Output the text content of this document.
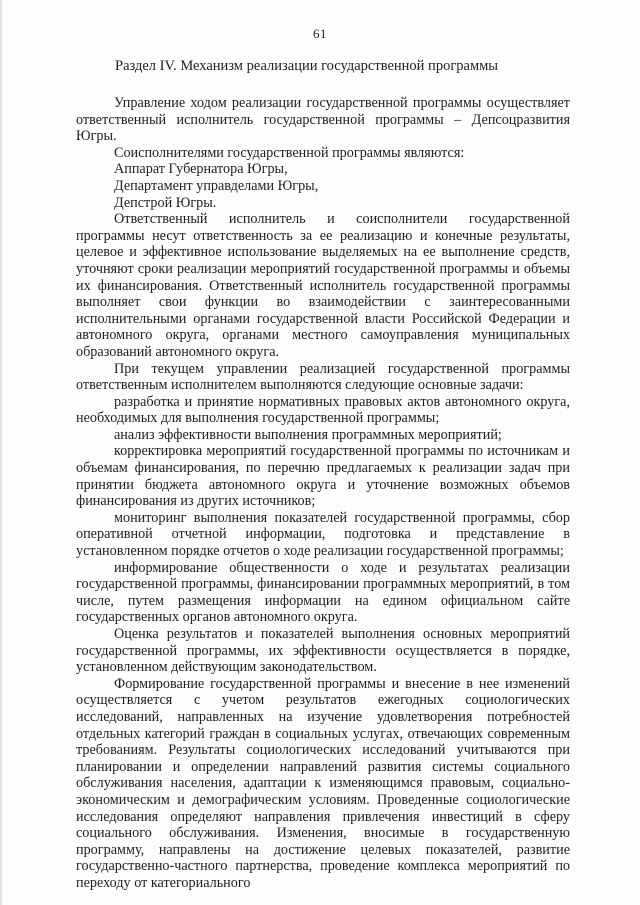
61
Раздел IV. Механизм реализации государственной программы

Управление ходом реализации государственной программы осуществляет ответственный исполнитель государственной программы – Депсоцразвития Югры.

Соисполнителями государственной программы являются:

Аппарат Губернатора Югры,

Департамент управделами Югры,

Депстрой Югры.

Ответственный исполнитель и соисполнители государственной программы несут ответственность за ее реализацию и конечные результаты, целевое и эффективное использование выделяемых на ее выполнение средств, уточняют сроки реализации мероприятий государственной программы и объемы их финансирования. Ответственный исполнитель государственной программы выполняет свои функции во взаимодействии с заинтересованными исполнительными органами государственной власти Российской Федерации и автономного округа, органами местного самоуправления муниципальных образований автономного округа.

При текущем управлении реализацией государственной программы ответственным исполнителем выполняются следующие основные задачи:

разработка и принятие нормативных правовых актов автономного округа, необходимых для выполнения государственной программы;

анализ эффективности выполнения программных мероприятий;

корректировка мероприятий государственной программы по источникам и объемам финансирования, по перечню предлагаемых к реализации задач при принятии бюджета автономного округа и уточнение возможных объемов финансирования из других источников;

мониторинг выполнения показателей государственной программы, сбор оперативной отчетной информации, подготовка и представление в установленном порядке отчетов о ходе реализации государственной программы;

информирование общественности о ходе и результатах реализации государственной программы, финансировании программных мероприятий, в том числе, путем размещения информации на едином официальном сайте государственных органов автономного округа.

Оценка результатов и показателей выполнения основных мероприятий государственной программы, их эффективности осуществляется в порядке, установленном действующим законодательством.

Формирование государственной программы и внесение в нее изменений осуществляется с учетом результатов ежегодных социологических исследований, направленных на изучение удовлетворения потребностей отдельных категорий граждан в социальных услугах, отвечающих современным требованиям. Результаты социологических исследований учитываются при планировании и определении направлений развития системы социального обслуживания населения, адаптации к изменяющимся правовым, социально-экономическим и демографическим условиям. Проведенные социологические исследования определяют направления привлечения инвестиций в сферу социального обслуживания. Изменения, вносимые в государственную программу, направлены на достижение целевых показателей, развитие государственно-частного партнерства, проведение комплекса мероприятий по переходу от категориального
